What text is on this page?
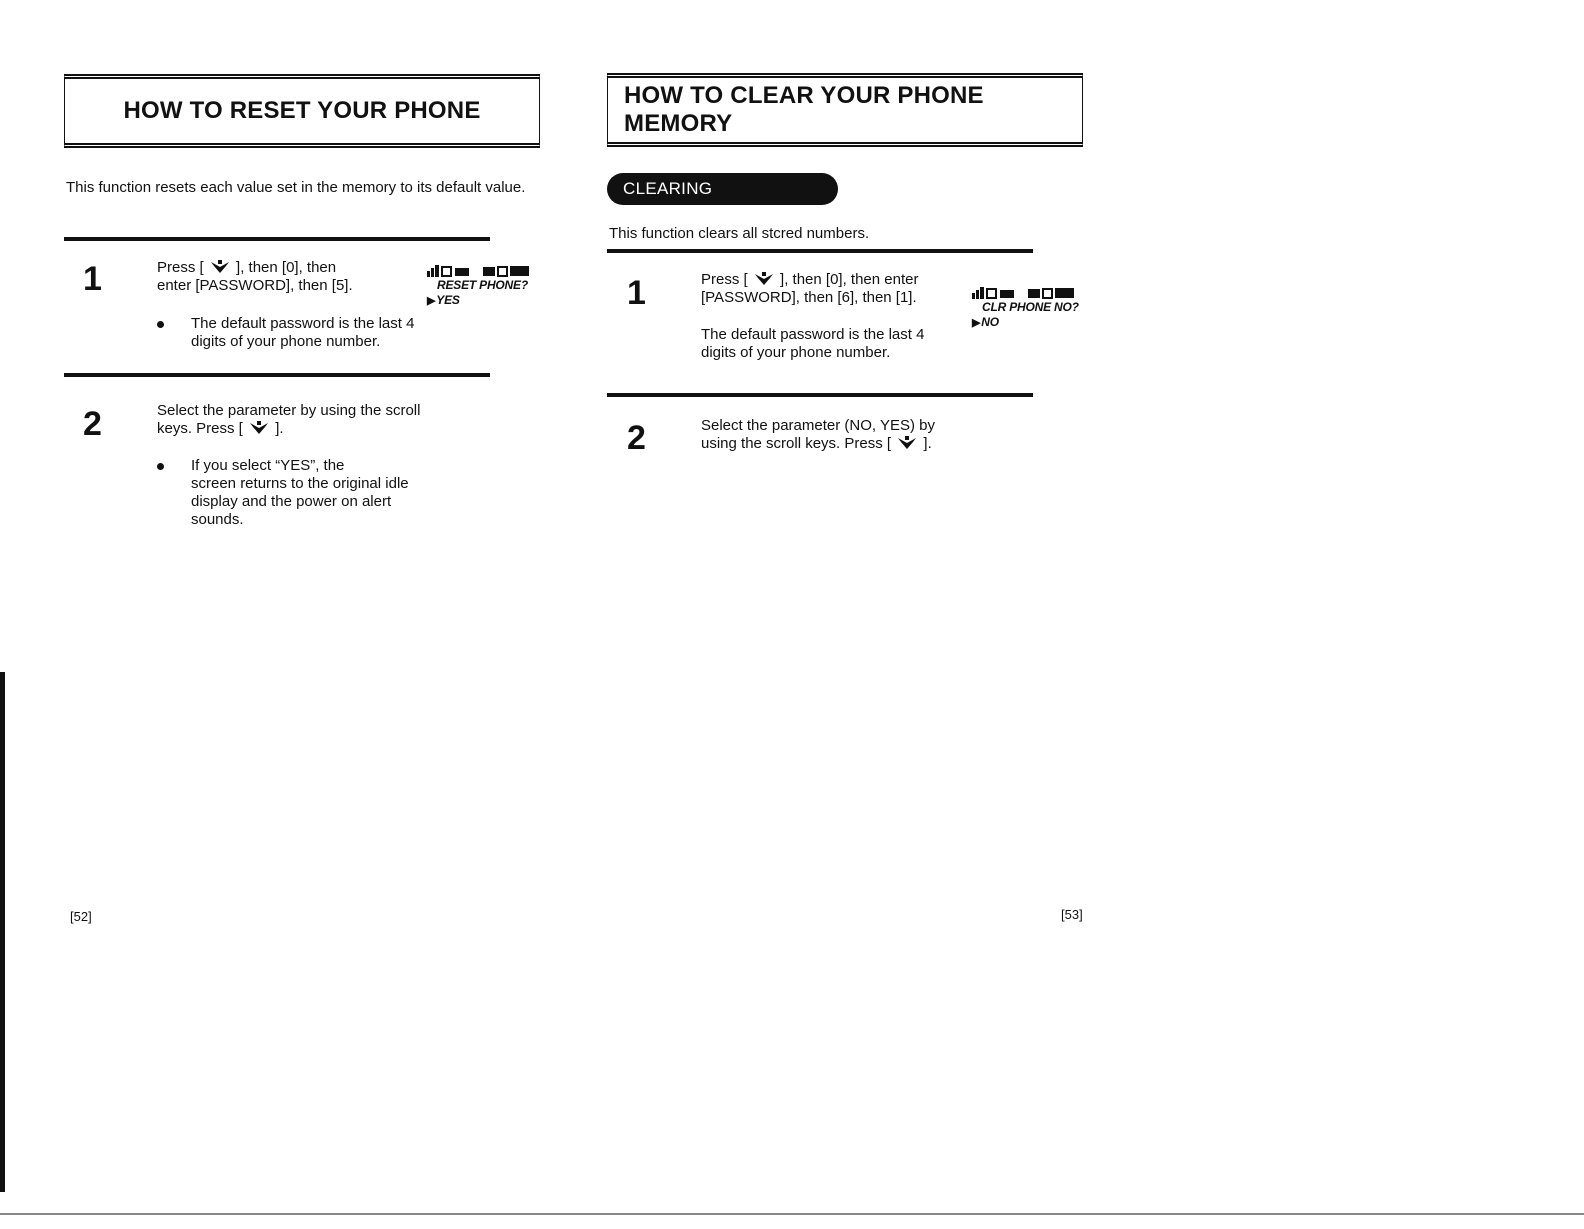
HOW TO RESET YOUR PHONE

This function resets each value set in the memory to its default value.

1	Press [ ], then [0], then
enter [PASSWORD], then [5].

The default password is the last 4
digits of your phone number.

RESET PHONE?
▶YES
2	Select the parameter by using the scroll
keys. Press [ ].

If you select “YES”, the
screen returns to the original idle
display and the power on alert
sounds.

[52]
HOW TO CLEAR YOUR PHONE MEMORY
CLEARING PHONEBOOK

This function clears all stcred numbers.

1	Press [ ], then [0], then enter
[PASSWORD], then [6], then [1].

The default password is the last 4
digits of your phone number.

CLR PHONE NO?
▶NO
2	Select the parameter (NO, YES) by
using the scroll keys. Press [ ].

[53]
